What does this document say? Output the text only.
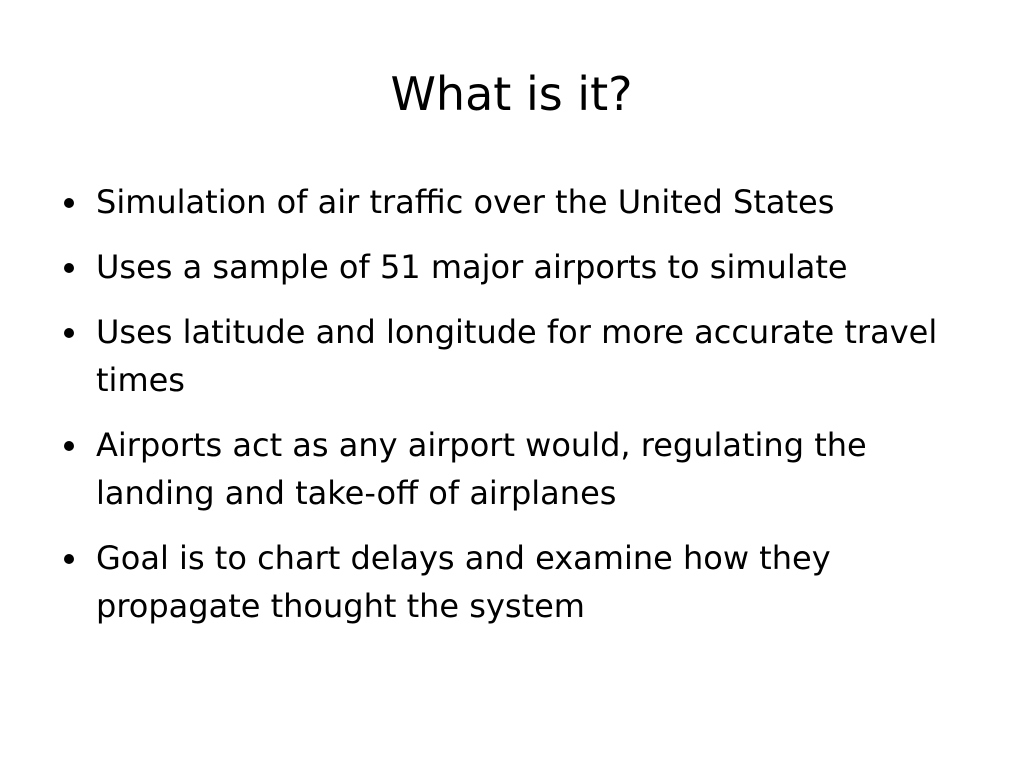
What is it?
Simulation of air traffic over the United States
Uses a sample of 51 major airports to simulate
Uses latitude and longitude for more accurate travel times
Airports act as any airport would, regulating the landing and take-off of airplanes
Goal is to chart delays and examine how they propagate thought the system
